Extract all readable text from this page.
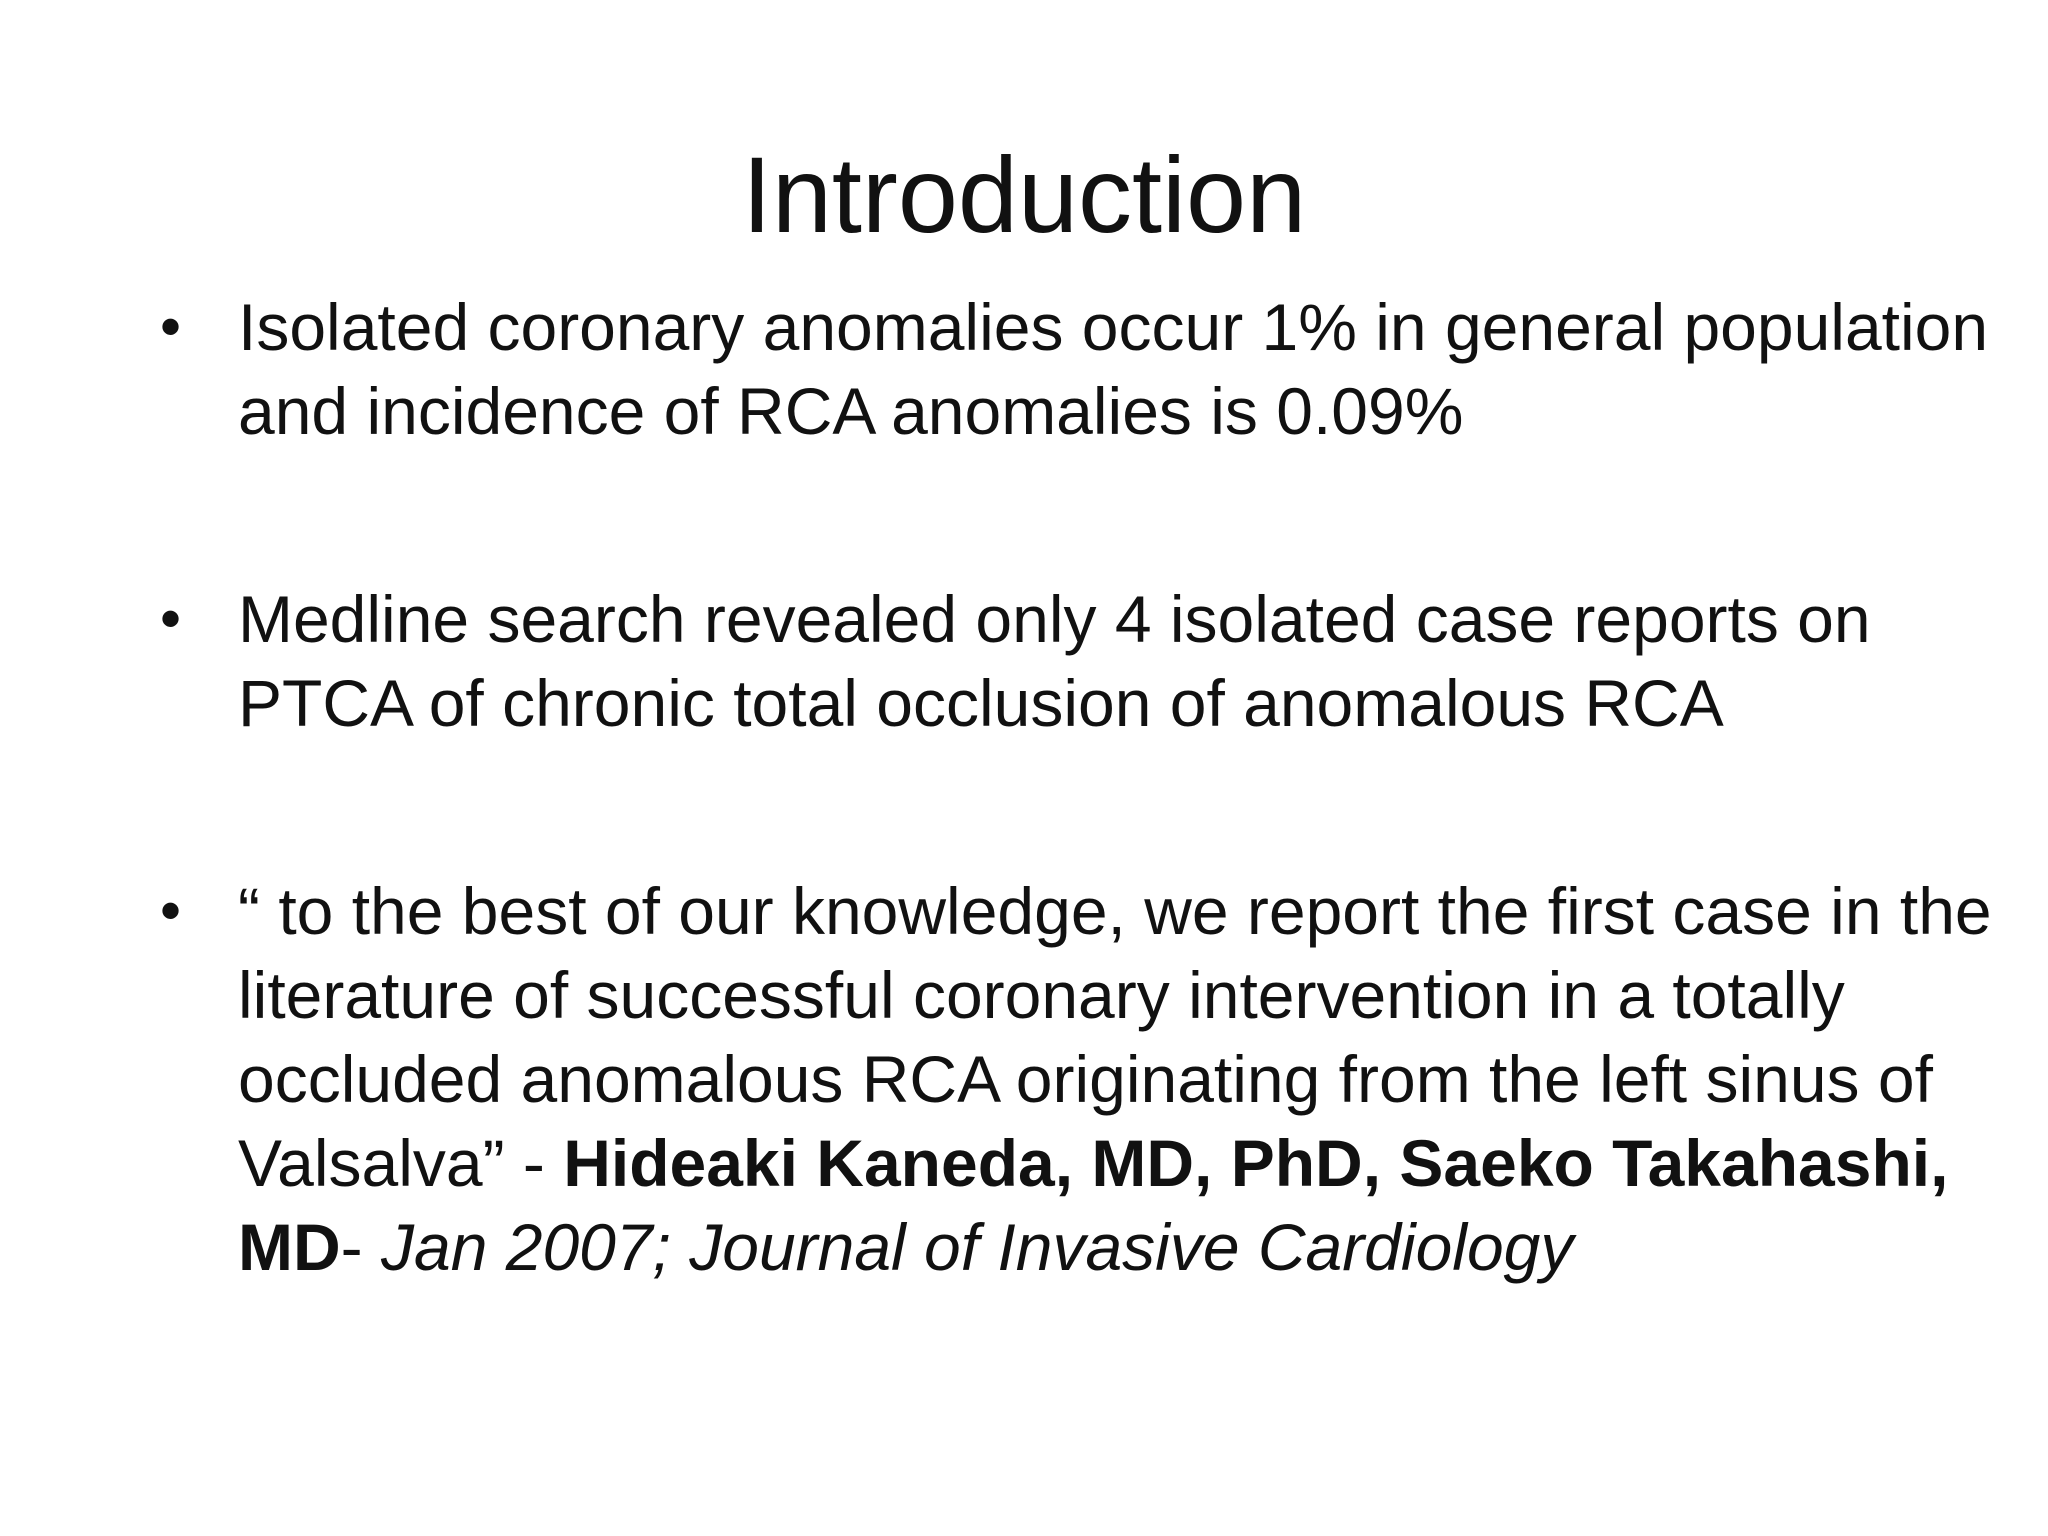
Introduction
• Isolated coronary anomalies occur 1% in general population and incidence of RCA anomalies is 0.09%
• Medline search revealed only 4 isolated case reports on PTCA of chronic total occlusion of anomalous RCA
• “ to the best of our knowledge, we report the first case in the literature of successful coronary intervention in a totally occluded anomalous RCA originating from the left sinus of Valsalva” - Hideaki Kaneda, MD, PhD, Saeko Takahashi, MD- Jan 2007; Journal of Invasive Cardiology
